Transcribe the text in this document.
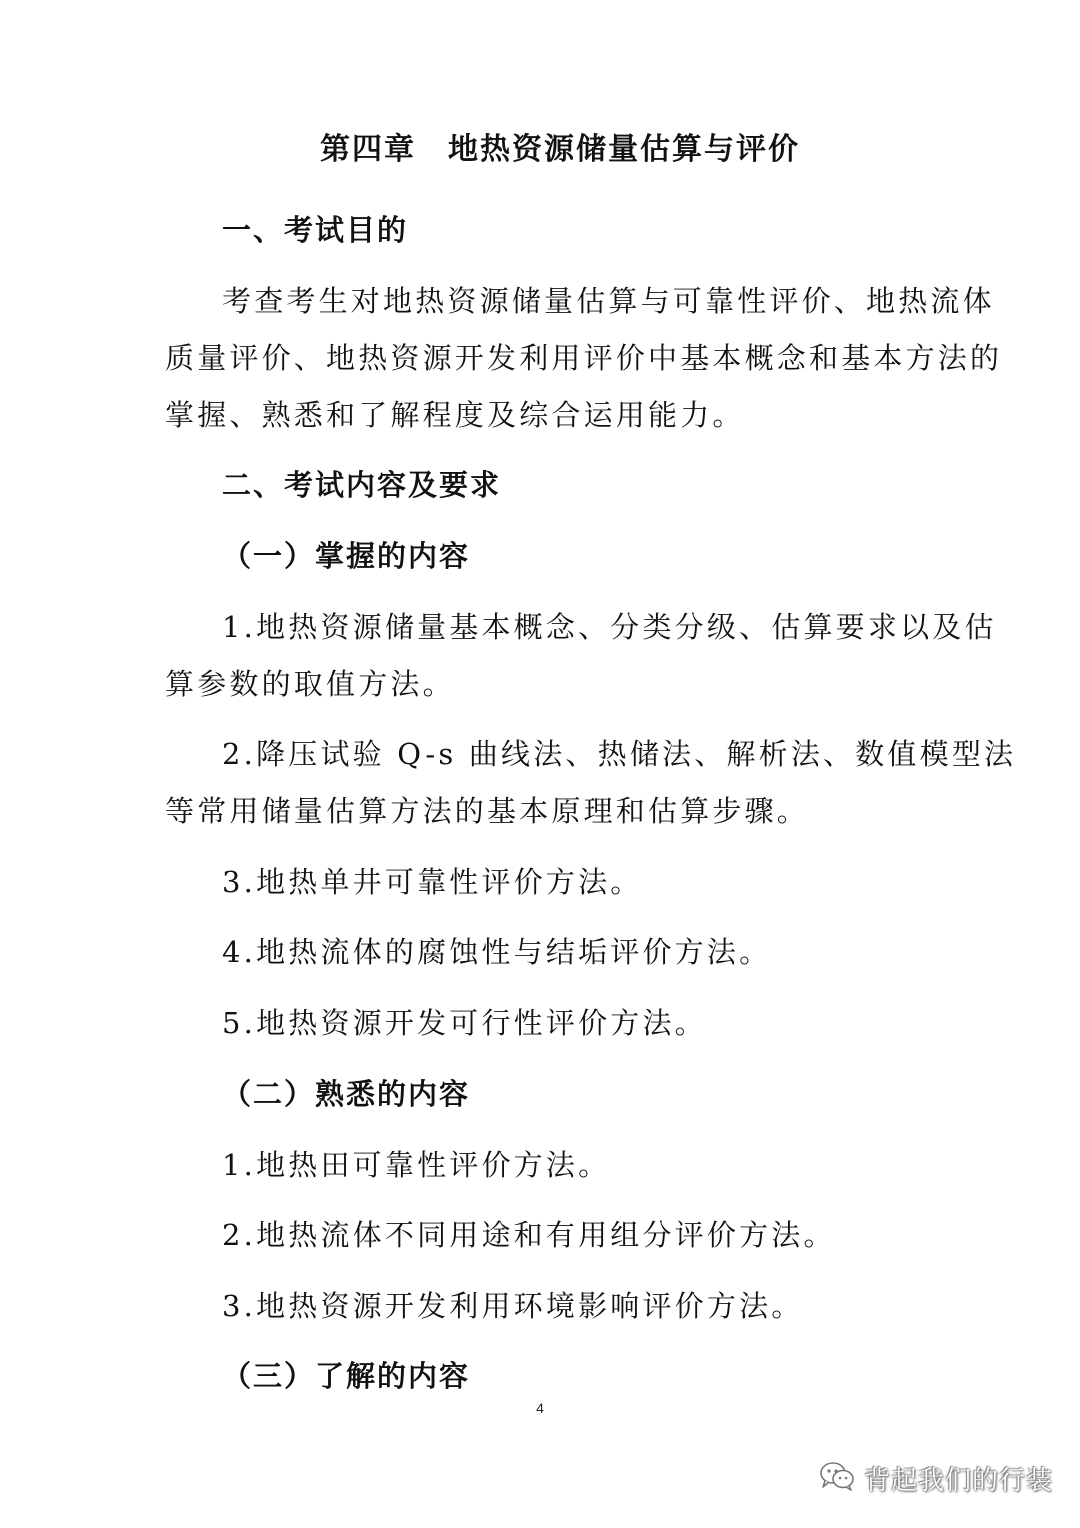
第四章　地热资源储量估算与评价

一、考试目的

考查考生对地热资源储量估算与可靠性评价、地热流体

质量评价、地热资源开发利用评价中基本概念和基本方法的

掌握、熟悉和了解程度及综合运用能力。

二、考试内容及要求

（一）掌握的内容

1.地热资源储量基本概念、分类分级、估算要求以及估

算参数的取值方法。

2.降压试验 Q-s 曲线法、热储法、解析法、数值模型法

等常用储量估算方法的基本原理和估算步骤。

3.地热单井可靠性评价方法。

4.地热流体的腐蚀性与结垢评价方法。

5.地热资源开发可行性评价方法。

（二）熟悉的内容

1.地热田可靠性评价方法。

2.地热流体不同用途和有用组分评价方法。

3.地热资源开发利用环境影响评价方法。

（三）了解的内容

4
背起我们的行装
